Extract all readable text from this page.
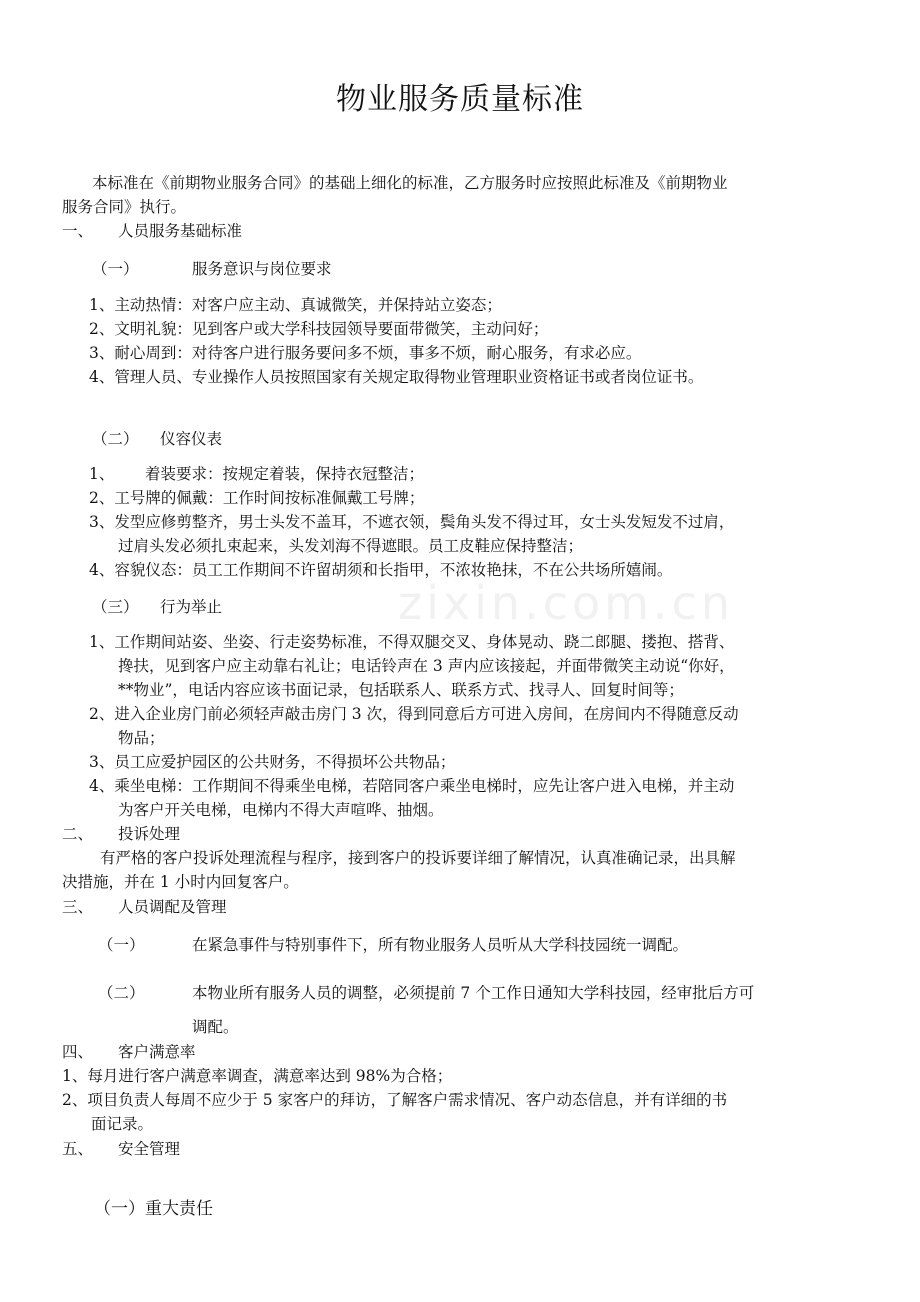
zixin.com.cn
物业服务质量标准
本标准在《前期物业服务合同》的基础上细化的标准，乙方服务时应按照此标准及《前期物业
服务合同》执行。
一、 人员服务基础标准
（一）	服务意识与岗位要求
1、主动热情：对客户应主动、真诚微笑，并保持站立姿态；
2、文明礼貌：见到客户或大学科技园领导要面带微笑，主动问好；
3、耐心周到：对待客户进行服务要问多不烦，事多不烦，耐心服务，有求必应。
4、管理人员、专业操作人员按照国家有关规定取得物业管理职业资格证书或者岗位证书。
（二） 仪容仪表
1、 着装要求：按规定着装，保持衣冠整洁；
2、工号牌的佩戴：工作时间按标准佩戴工号牌；
3、发型应修剪整齐，男士头发不盖耳，不遮衣领，鬓角头发不得过耳，女士头发短发不过肩，
过肩头发必须扎束起来，头发刘海不得遮眼。员工皮鞋应保持整洁；
4、容貌仪态：员工工作期间不许留胡须和长指甲，不浓妆艳抹，不在公共场所嬉闹。
（三） 行为举止
1、工作期间站姿、坐姿、行走姿势标准，不得双腿交叉、身体晃动、跷二郎腿、搂抱、搭背、
搀扶，见到客户应主动靠右礼让；电话铃声在 3 声内应该接起，并面带微笑主动说“你好，
**物业”，电话内容应该书面记录，包括联系人、联系方式、找寻人、回复时间等；
2、进入企业房门前必须轻声敲击房门 3 次，得到同意后方可进入房间，在房间内不得随意反动
物品；
3、员工应爱护园区的公共财务，不得损坏公共物品；
4、乘坐电梯：工作期间不得乘坐电梯，若陪同客户乘坐电梯时，应先让客户进入电梯，并主动
为客户开关电梯，电梯内不得大声喧哗、抽烟。
二、 投诉处理
有严格的客户投诉处理流程与程序，接到客户的投诉要详细了解情况，认真准确记录，出具解
决措施，并在 1 小时内回复客户。
三、 人员调配及管理
（一）	在紧急事件与特别事件下，所有物业服务人员听从大学科技园统一调配。
（二）	本物业所有服务人员的调整，必须提前 7 个工作日通知大学科技园，经审批后方可
调配。
四、 客户满意率
1、每月进行客户满意率调查，满意率达到 98%为合格；
2、项目负责人每周不应少于 5 家客户的拜访，了解客户需求情况、客户动态信息，并有详细的书
面记录。
五、 安全管理
（一）重大责任
